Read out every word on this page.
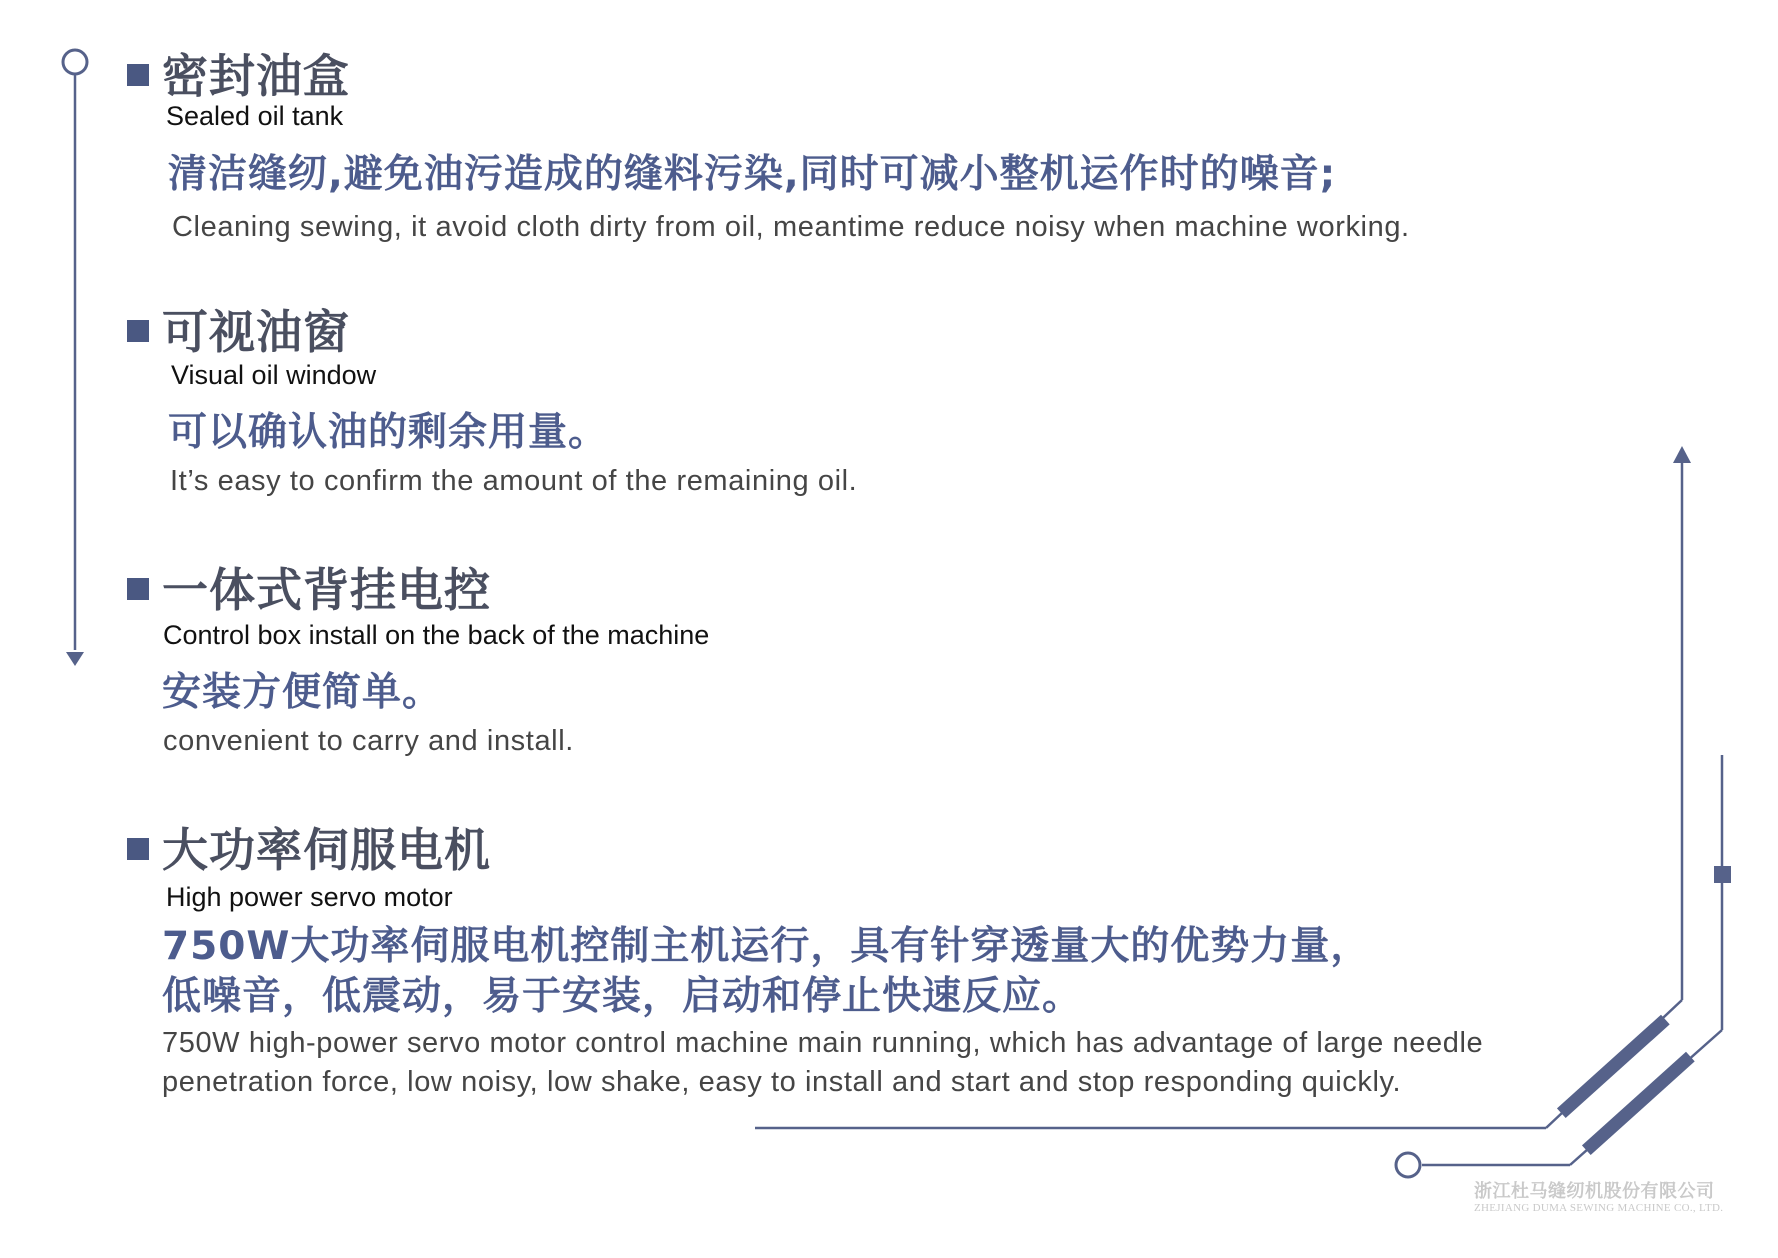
密封油盒
Sealed oil tank
清洁缝纫,避免油污造成的缝料污染,同时可减小整机运作时的噪音;
Cleaning sewing, it avoid cloth dirty from oil, meantime reduce noisy when machine working.
可视油窗
Visual oil window
可以确认油的剩余用量。
It’s easy to confirm the amount of the remaining oil.
一体式背挂电控
Control box install on the back of the machine
安装方便简单。
convenient to carry and install.
大功率伺服电机
High power servo motor
750W大功率伺服电机控制主机运行，具有针穿透量大的优势力量，
低噪音，低震动，易于安装，启动和停止快速反应。
750W high-power servo motor control machine main running, which has advantage of large needle penetration force, low noisy, low shake, easy to install and start and stop responding quickly.
浙江杜马缝纫机股份有限公司
ZHEJIANG DUMA SEWING MACHINE CO., LTD.
